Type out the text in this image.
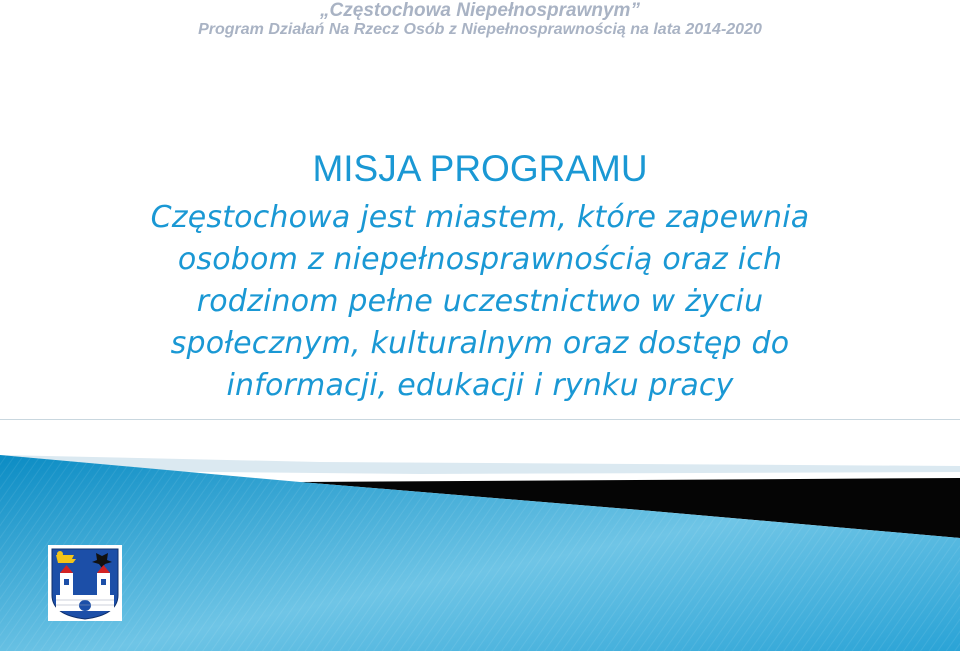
„Częstochowa Niepełnosprawnym”
Program Działań Na Rzecz Osób z Niepełnosprawnością na lata 2014-2020
MISJA PROGRAMU
Częstochowa jest miastem, które zapewnia
osobom z niepełnosprawnością oraz ich
rodzinom pełne uczestnictwo w życiu
społecznym, kulturalnym oraz dostęp do
informacji, edukacji i rynku pracy
